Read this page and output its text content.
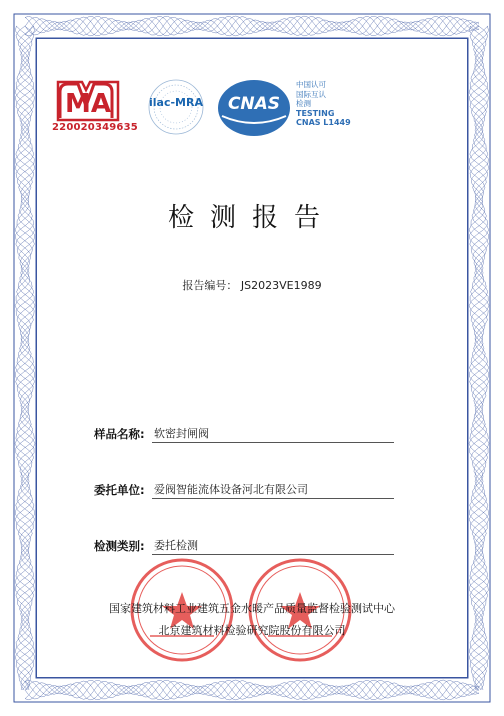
MA
220020349635
ilac-MRA	CNAS
中国认可
国际互认
检测
TESTING
CNAS L1449
检测报告
报告编号： JS2023VE1989
样品名称: 软密封闸阀
委托单位: 爱阀智能流体设备河北有限公司
检测类别: 委托检测
国家建筑材料工业建筑五金水暖产品质量监督检验测试中心
北京建筑材料检验研究院股份有限公司
